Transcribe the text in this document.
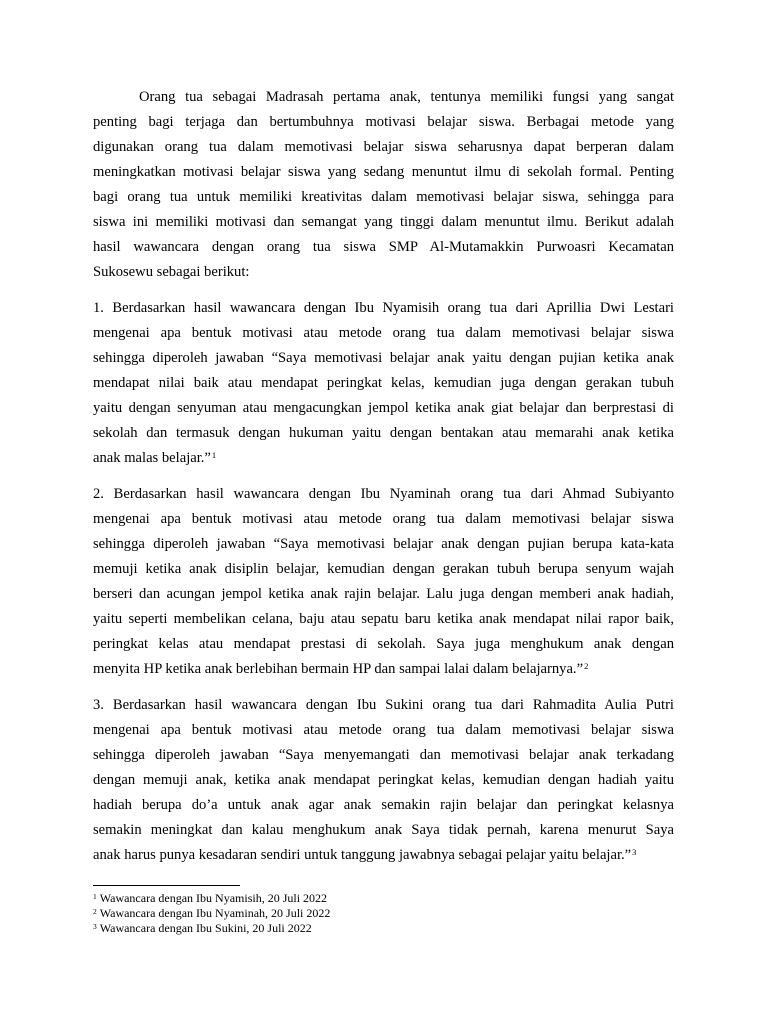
Orang tua sebagai Madrasah pertama anak, tentunya memiliki fungsi yang sangat
penting bagi terjaga dan bertumbuhnya motivasi belajar siswa. Berbagai metode yang
digunakan orang tua dalam memotivasi belajar siswa seharusnya dapat berperan dalam
meningkatkan motivasi belajar siswa yang sedang menuntut ilmu di sekolah formal. Penting
bagi orang tua untuk memiliki kreativitas dalam memotivasi belajar siswa, sehingga para
siswa ini memiliki motivasi dan semangat yang tinggi dalam menuntut ilmu. Berikut adalah
hasil wawancara dengan orang tua siswa SMP Al-Mutamakkin Purwoasri Kecamatan
Sukosewu sebagai berikut:
1. Berdasarkan hasil wawancara dengan Ibu Nyamisih orang tua dari Aprillia Dwi Lestari
mengenai apa bentuk motivasi atau metode orang tua dalam memotivasi belajar siswa
sehingga diperoleh jawaban “Saya memotivasi belajar anak yaitu dengan pujian ketika anak
mendapat nilai baik atau mendapat peringkat kelas, kemudian juga dengan gerakan tubuh
yaitu dengan senyuman atau mengacungkan jempol ketika anak giat belajar dan berprestasi di
sekolah dan termasuk dengan hukuman yaitu dengan bentakan atau memarahi anak ketika
anak malas belajar.”$^1$
2. Berdasarkan hasil wawancara dengan Ibu Nyaminah orang tua dari Ahmad Subiyanto
mengenai apa bentuk motivasi atau metode orang tua dalam memotivasi belajar siswa
sehingga diperoleh jawaban “Saya memotivasi belajar anak dengan pujian berupa kata-kata
memuji ketika anak disiplin belajar, kemudian dengan gerakan tubuh berupa senyum wajah
berseri dan acungan jempol ketika anak rajin belajar. Lalu juga dengan memberi anak hadiah,
yaitu seperti membelikan celana, baju atau sepatu baru ketika anak mendapat nilai rapor baik,
peringkat kelas atau mendapat prestasi di sekolah. Saya juga menghukum anak dengan
menyita HP ketika anak berlebihan bermain HP dan sampai lalai dalam belajarnya.”$^2$
3. Berdasarkan hasil wawancara dengan Ibu Sukini orang tua dari Rahmadita Aulia Putri
mengenai apa bentuk motivasi atau metode orang tua dalam memotivasi belajar siswa
sehingga diperoleh jawaban “Saya menyemangati dan memotivasi belajar anak terkadang
dengan memuji anak, ketika anak mendapat peringkat kelas, kemudian dengan hadiah yaitu
hadiah berupa do’a untuk anak agar anak semakin rajin belajar dan peringkat kelasnya
semakin meningkat dan kalau menghukum anak Saya tidak pernah, karena menurut Saya
anak harus punya kesadaran sendiri untuk tanggung jawabnya sebagai pelajar yaitu belajar.”$^3$
$^1$ Wawancara dengan Ibu Nyamisih, 20 Juli 2022
$^2$ Wawancara dengan Ibu Nyaminah, 20 Juli 2022
$^3$ Wawancara dengan Ibu Sukini, 20 Juli 2022
